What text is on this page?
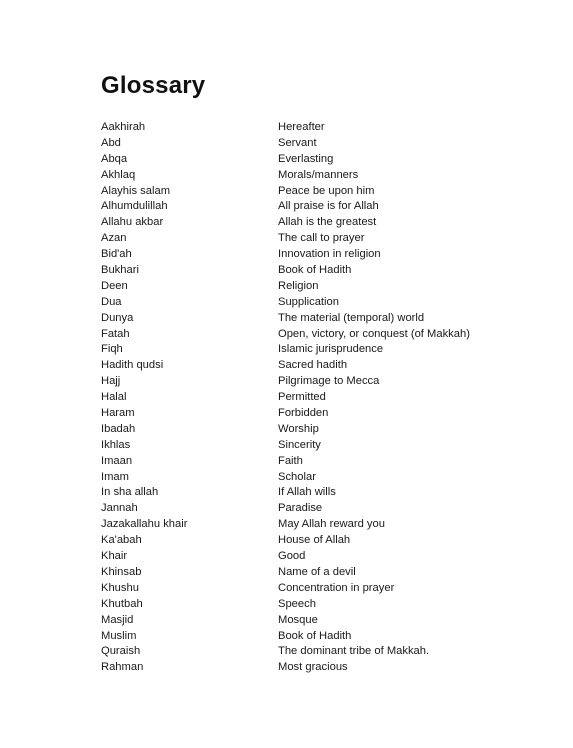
Glossary
Aakhirah	Hereafter
Abd	Servant
Abqa	Everlasting
Akhlaq	Morals/manners
Alayhis salam	Peace be upon him
Alhumdulillah	All praise is for Allah
Allahu akbar	Allah is the greatest
Azan	The call to prayer
Bid'ah	Innovation in religion
Bukhari	Book of Hadith
Deen	Religion
Dua	Supplication
Dunya	The material (temporal) world
Fatah	Open, victory, or conquest (of Makkah)
Fiqh	Islamic jurisprudence
Hadith qudsi	Sacred hadith
Hajj	Pilgrimage to Mecca
Halal	Permitted
Haram	Forbidden
Ibadah	Worship
Ikhlas	Sincerity
Imaan	Faith
Imam	Scholar
In sha allah	If Allah wills
Jannah	Paradise
Jazakallahu khair	May Allah reward you
Ka'abah	House of Allah
Khair	Good
Khinsab	Name of a devil
Khushu	Concentration in prayer
Khutbah	Speech
Masjid	Mosque
Muslim	Book of Hadith
Quraish	The dominant tribe of Makkah.
Rahman	Most gracious
